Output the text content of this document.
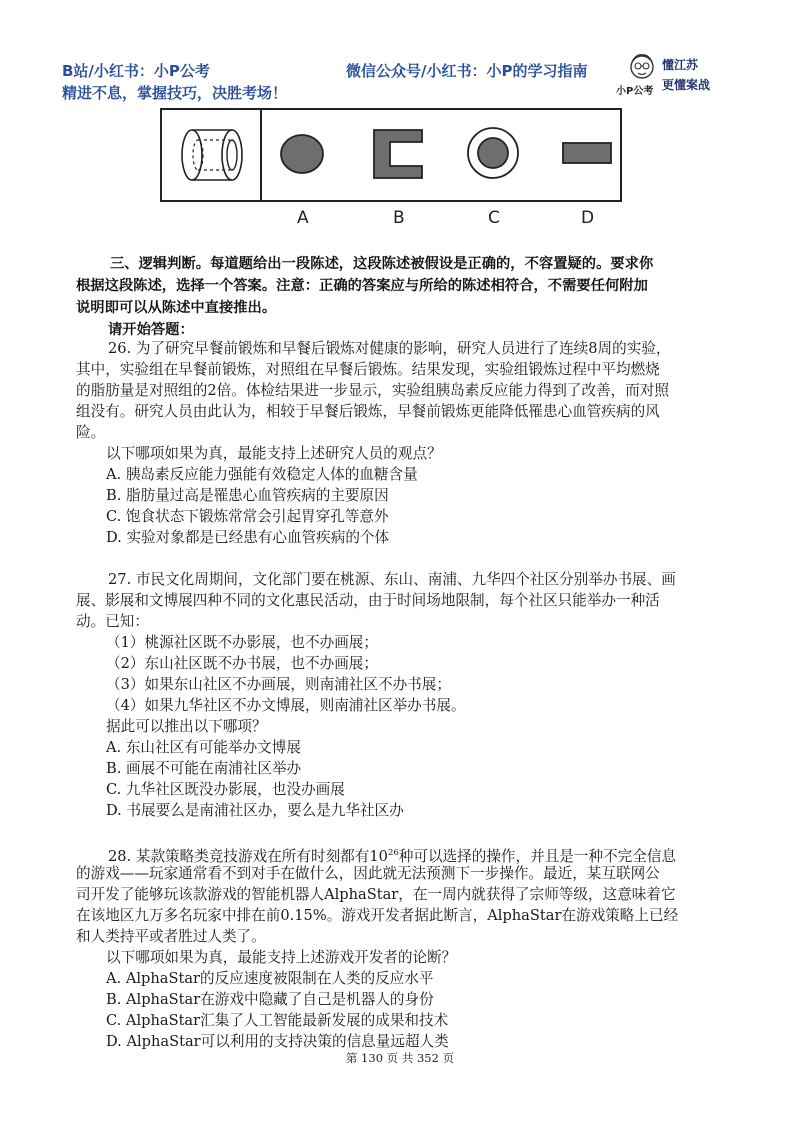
B站/小红书：小P公考
精进不息，掌握技巧，决胜考场！
微信公众号/小红书：小P的学习指南
小P公考
懂江苏
更懂案战
A	B	C	D
三、逻辑判断。每道题给出一段陈述，这段陈述被假设是正确的，不容置疑的。要求你
根据这段陈述，选择一个答案。注意：正确的答案应与所给的陈述相符合，不需要任何附加
说明即可以从陈述中直接推出。
请开始答题：
26. 为了研究早餐前锻炼和早餐后锻炼对健康的影响，研究人员进行了连续8周的实验，
其中，实验组在早餐前锻炼，对照组在早餐后锻炼。结果发现，实验组锻炼过程中平均燃烧
的脂肪量是对照组的2倍。体检结果进一步显示，实验组胰岛素反应能力得到了改善，而对照
组没有。研究人员由此认为，相较于早餐后锻炼，早餐前锻炼更能降低罹患心血管疾病的风
险。
以下哪项如果为真，最能支持上述研究人员的观点？
A. 胰岛素反应能力强能有效稳定人体的血糖含量
B. 脂肪量过高是罹患心血管疾病的主要原因
C. 饱食状态下锻炼常常会引起胃穿孔等意外
D. 实验对象都是已经患有心血管疾病的个体
27. 市民文化周期间，文化部门要在桃源、东山、南浦、九华四个社区分别举办书展、画
展、影展和文博展四种不同的文化惠民活动，由于时间场地限制，每个社区只能举办一种活
动。已知：
（1）桃源社区既不办影展，也不办画展；
（2）东山社区既不办书展，也不办画展；
（3）如果东山社区不办画展，则南浦社区不办书展；
（4）如果九华社区不办文博展，则南浦社区举办书展。
据此可以推出以下哪项？
A. 东山社区有可能举办文博展
B. 画展不可能在南浦社区举办
C. 九华社区既没办影展，也没办画展
D. 书展要么是南浦社区办，要么是九华社区办
28. 某款策略类竞技游戏在所有时刻都有$10^{26}$种可以选择的操作，并且是一种不完全信息
的游戏——玩家通常看不到对手在做什么，因此就无法预测下一步操作。最近，某互联网公
司开发了能够玩该款游戏的智能机器人AlphaStar，在一周内就获得了宗师等级，这意味着它
在该地区九万多名玩家中排在前0.15%。游戏开发者据此断言，AlphaStar在游戏策略上已经
和人类持平或者胜过人类了。
以下哪项如果为真，最能支持上述游戏开发者的论断？
A. AlphaStar的反应速度被限制在人类的反应水平
B. AlphaStar在游戏中隐藏了自己是机器人的身份
C. AlphaStar汇集了人工智能最新发展的成果和技术
D. AlphaStar可以利用的支持决策的信息量远超人类
第 130 页 共 352 页
